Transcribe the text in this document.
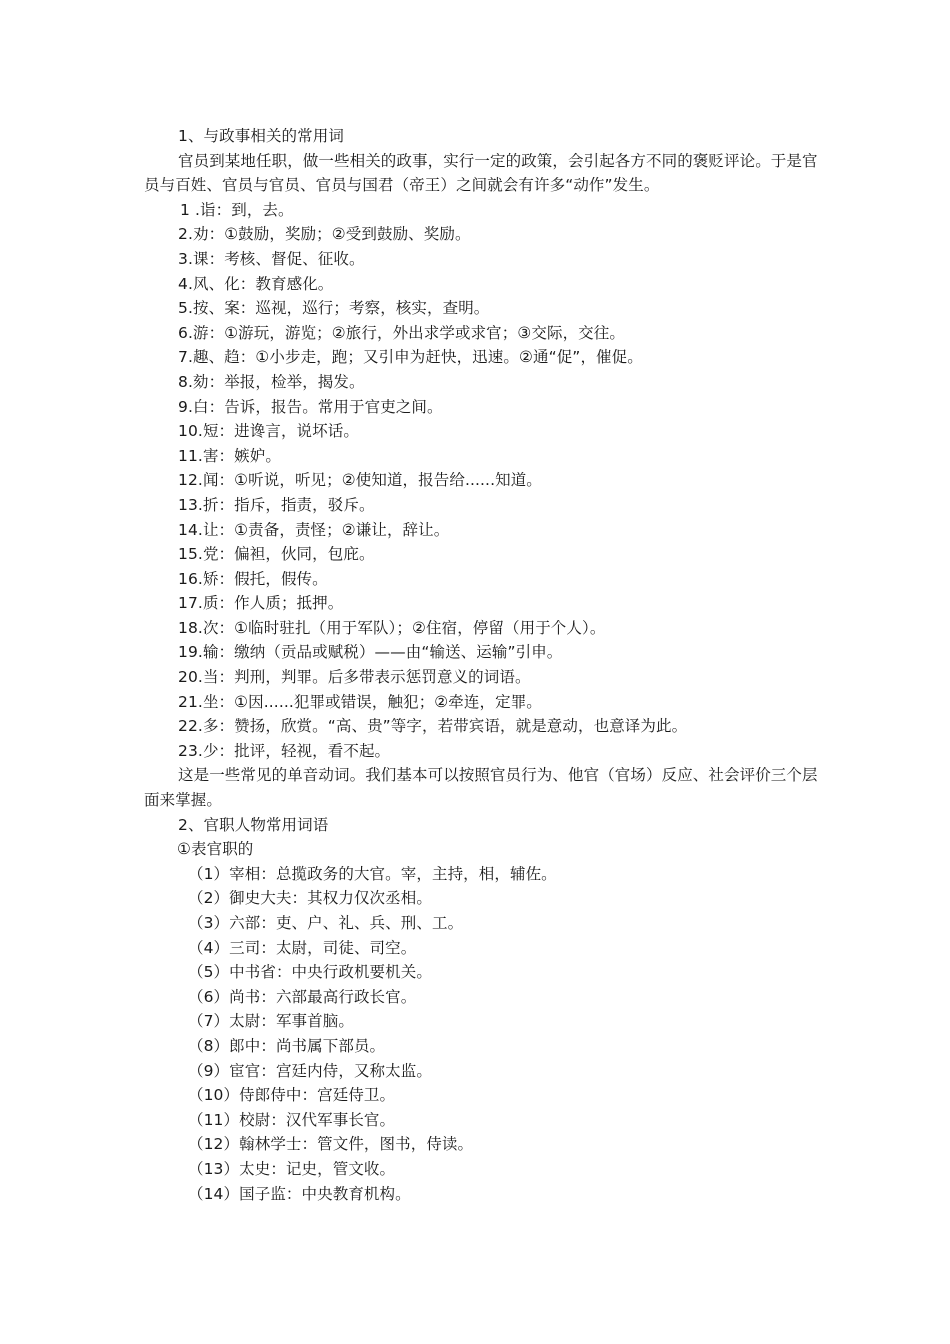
1、与政事相关的常用词
官员到某地任职，做一些相关的政事，实行一定的政策，会引起各方不同的褒贬评论。于是官员与百姓、官员与官员、官员与国君（帝王）之间就会有许多“动作”发生。
1 .诣：到，去。
2.劝：①鼓励，奖励；②受到鼓励、奖励。
3.课：考核、督促、征收。
4.风、化：教育感化。
5.按、案：巡视，巡行；考察，核实，查明。
6.游：①游玩，游览；②旅行，外出求学或求官；③交际，交往。
7.趣、趋：①小步走，跑；又引申为赶快，迅速。②通“促”，催促。
8.劾：举报，检举，揭发。
9.白：告诉，报告。常用于官吏之间。
10.短：进谗言，说坏话。
11.害：嫉妒。
12.闻：①听说，听见；②使知道，报告给......知道。
13.折：指斥，指责，驳斥。
14.让：①责备，责怪；②谦让，辞让。
15.党：偏袒，伙同，包庇。
16.矫：假托，假传。
17.质：作人质；抵押。
18.次：①临时驻扎（用于军队）；②住宿，停留（用于个人）。
19.输：缴纳（贡品或赋税）——由“输送、运输”引申。
20.当：判刑，判罪。后多带表示惩罚意义的词语。
21.坐：①因......犯罪或错误，触犯；②牵连，定罪。
22.多：赞扬，欣赏。“高、贵”等字，若带宾语，就是意动，也意译为此。
23.少：批评，轻视，看不起。
这是一些常见的单音动词。我们基本可以按照官员行为、他官（官场）反应、社会评价三个层面来掌握。
2、官职人物常用词语
①表官职的
（1）宰相：总揽政务的大官。宰，主持，相，辅佐。
（2）御史大夫：其权力仅次丞相。
（3）六部：吏、户、礼、兵、刑、工。
（4）三司：太尉，司徒、司空。
（5）中书省：中央行政机要机关。
（6）尚书：六部最高行政长官。
（7）太尉：军事首脑。
（8）郎中：尚书属下部员。
（9）宦官：宫廷内侍，又称太监。
（10）侍郎侍中：宫廷侍卫。
（11）校尉：汉代军事长官。
（12）翰林学士：管文件，图书，侍读。
（13）太史：记史，管文收。
（14）国子监：中央教育机构。
